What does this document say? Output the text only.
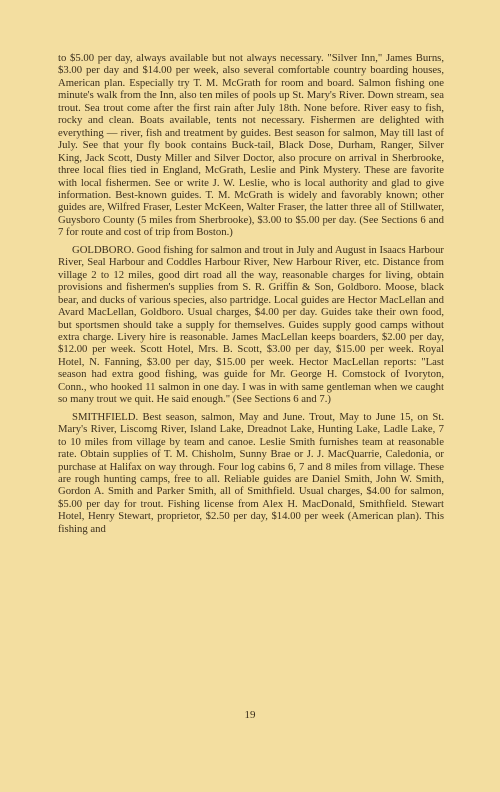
to $5.00 per day, always available but not always necessary. "Silver Inn," James Burns, $3.00 per day and $14.00 per week, also several comfortable country boarding houses, American plan. Especially try T. M. McGrath for room and board. Salmon fishing one minute's walk from the Inn, also ten miles of pools up St. Mary's River. Down stream, sea trout. Sea trout come after the first rain after July 18th. None before. River easy to fish, rocky and clean. Boats available, tents not necessary. Fishermen are delighted with everything — river, fish and treatment by guides. Best season for salmon, May till last of July. See that your fly book contains Buck-tail, Black Dose, Durham, Ranger, Silver King, Jack Scott, Dusty Miller and Silver Doctor, also procure on arrival in Sherbrooke, three local flies tied in England, McGrath, Leslie and Pink Mystery. These are favorite with local fishermen. See or write J. W. Leslie, who is local authority and glad to give information. Best-known guides. T. M. McGrath is widely and favorably known; other guides are, Wilfred Fraser, Lester McKeen, Walter Fraser, the latter three all of Stillwater, Guysboro County (5 miles from Sherbrooke), $3.00 to $5.00 per day. (See Sections 6 and 7 for route and cost of trip from Boston.)

GOLDBORO. Good fishing for salmon and trout in July and August in Isaacs Harbour River, Seal Harbour and Coddles Harbour River, New Harbour River, etc. Distance from village 2 to 12 miles, good dirt road all the way, reasonable charges for living, obtain provisions and fishermen's supplies from S. R. Griffin & Son, Goldboro. Moose, black bear, and ducks of various species, also partridge. Local guides are Hector MacLellan and Avard MacLellan, Goldboro. Usual charges, $4.00 per day. Guides take their own food, but sportsmen should take a supply for themselves. Guides supply good camps without extra charge. Livery hire is reasonable. James MacLellan keeps boarders, $2.00 per day, $12.00 per week. Scott Hotel, Mrs. B. Scott, $3.00 per day, $15.00 per week. Royal Hotel, N. Fanning, $3.00 per day, $15.00 per week. Hector MacLellan reports: "Last season had extra good fishing, was guide for Mr. George H. Comstock of Ivoryton, Conn., who hooked 11 salmon in one day. I was in with same gentleman when we caught so many trout we quit. He said enough." (See Sections 6 and 7.)

SMITHFIELD. Best season, salmon, May and June. Trout, May to June 15, on St. Mary's River, Liscomg River, Island Lake, Dreadnot Lake, Hunting Lake, Ladle Lake, 7 to 10 miles from village by team and canoe. Leslie Smith furnishes team at reasonable rate. Obtain supplies of T. M. Chisholm, Sunny Brae or J. J. MacQuarrie, Caledonia, or purchase at Halifax on way through. Four log cabins 6, 7 and 8 miles from village. These are rough hunting camps, free to all. Reliable guides are Daniel Smith, John W. Smith, Gordon A. Smith and Parker Smith, all of Smithfield. Usual charges, $4.00 for salmon, $5.00 per day for trout. Fishing license from Alex H. MacDonald, Smithfield. Stewart Hotel, Henry Stewart, proprietor, $2.50 per day, $14.00 per week (American plan). This fishing and

19
